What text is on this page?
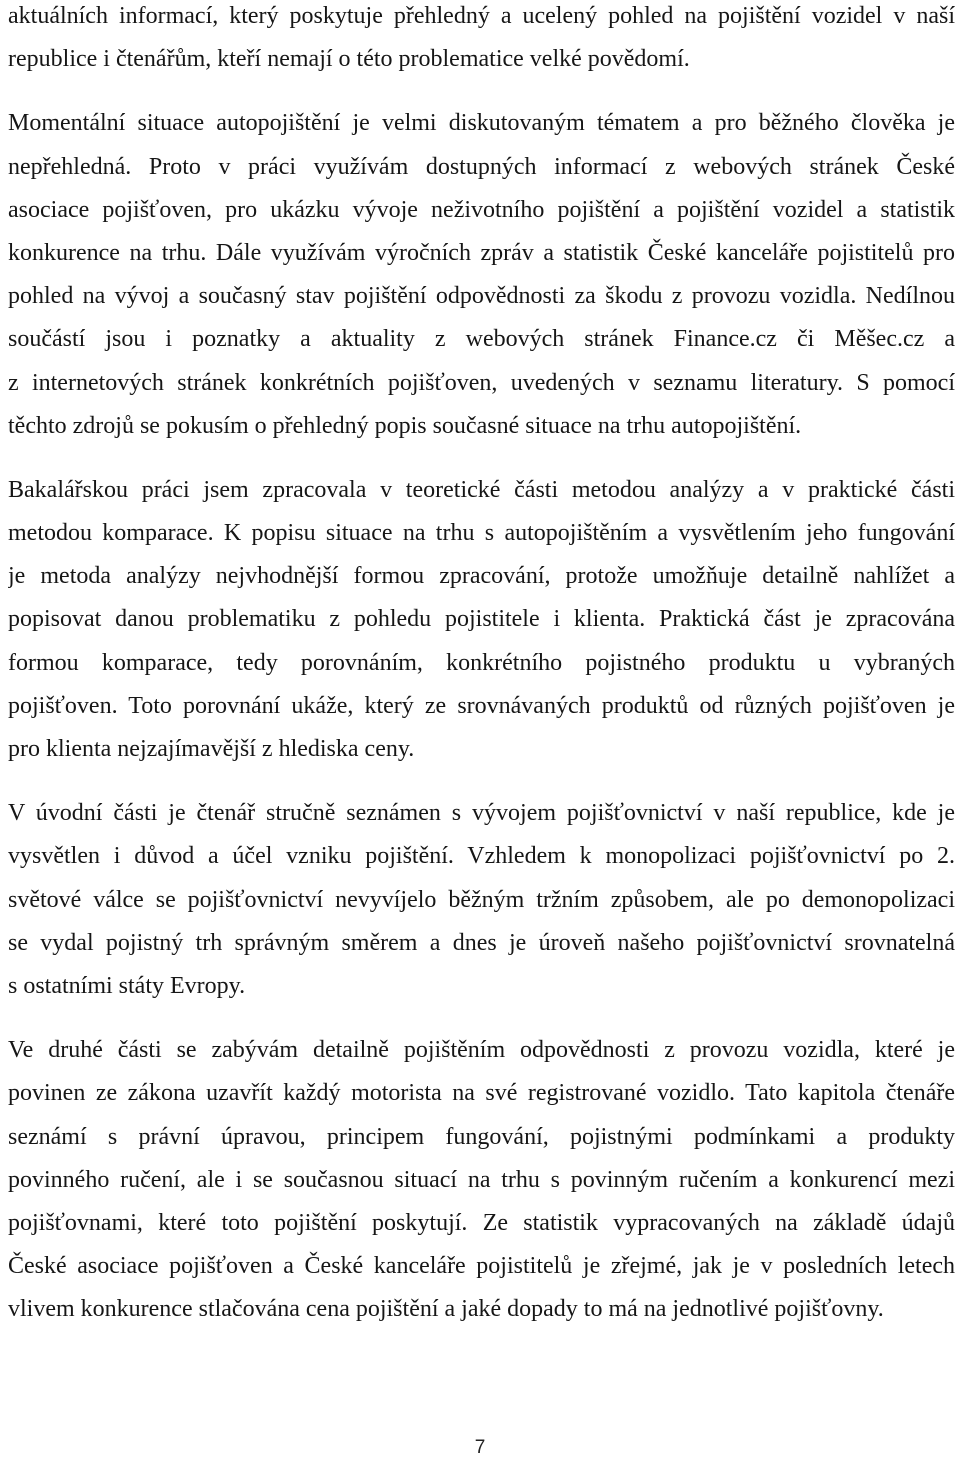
aktuálních informací, který poskytuje přehledný a ucelený pohled na pojištění vozidel v naší
republice i čtenářům, kteří nemají o této problematice velké povědomí.
Momentální situace autopojištění je velmi diskutovaným tématem a pro běžného člověka je
nepřehledná. Proto v práci využívám dostupných informací z webových stránek České
asociace pojišťoven, pro ukázku vývoje neživotního pojištění a pojištění vozidel a statistik
konkurence na trhu. Dále využívám výročních zpráv a statistik České kanceláře pojistitelů pro
pohled na vývoj a současný stav pojištění odpovědnosti za škodu z provozu vozidla. Nedílnou
součástí jsou i poznatky a aktuality z webových stránek Finance.cz či Měšec.cz a
z internetových stránek konkrétních pojišťoven, uvedených v seznamu literatury. S pomocí
těchto zdrojů se pokusím o přehledný popis současné situace na trhu autopojištění.
Bakalářskou práci jsem zpracovala v teoretické části metodou analýzy a v praktické části
metodou komparace. K popisu situace na trhu s autopojištěním a vysvětlením jeho fungování
je metoda analýzy nejvhodnější formou zpracování, protože umožňuje detailně nahlížet a
popisovat danou problematiku z pohledu pojistitele i klienta. Praktická část je zpracována
formou komparace, tedy porovnáním, konkrétního pojistného produktu u vybraných
pojišťoven. Toto porovnání ukáže, který ze srovnávaných produktů od různých pojišťoven je
pro klienta nejzajímavější z hlediska ceny.
V úvodní části je čtenář stručně seznámen s vývojem pojišťovnictví v naší republice, kde je
vysvětlen i důvod a účel vzniku pojištění. Vzhledem k monopolizaci pojišťovnictví po 2.
světové válce se pojišťovnictví nevyvíjelo běžným tržním způsobem, ale po demonopolizaci
se vydal pojistný trh správným směrem a dnes je úroveň našeho pojišťovnictví srovnatelná
s ostatními státy Evropy.
Ve druhé části se zabývám detailně pojištěním odpovědnosti z provozu vozidla, které je
povinen ze zákona uzavřít každý motorista na své registrované vozidlo. Tato kapitola čtenáře
seznámí s právní úpravou, principem fungování, pojistnými podmínkami a produkty
povinného ručení, ale i se současnou situací na trhu s povinným ručením a konkurencí mezi
pojišťovnami, které toto pojištění poskytují. Ze statistik vypracovaných na základě údajů
České asociace pojišťoven a České kanceláře pojistitelů je zřejmé, jak je v posledních letech
vlivem konkurence stlačována cena pojištění a jaké dopady to má na jednotlivé pojišťovny.
7
